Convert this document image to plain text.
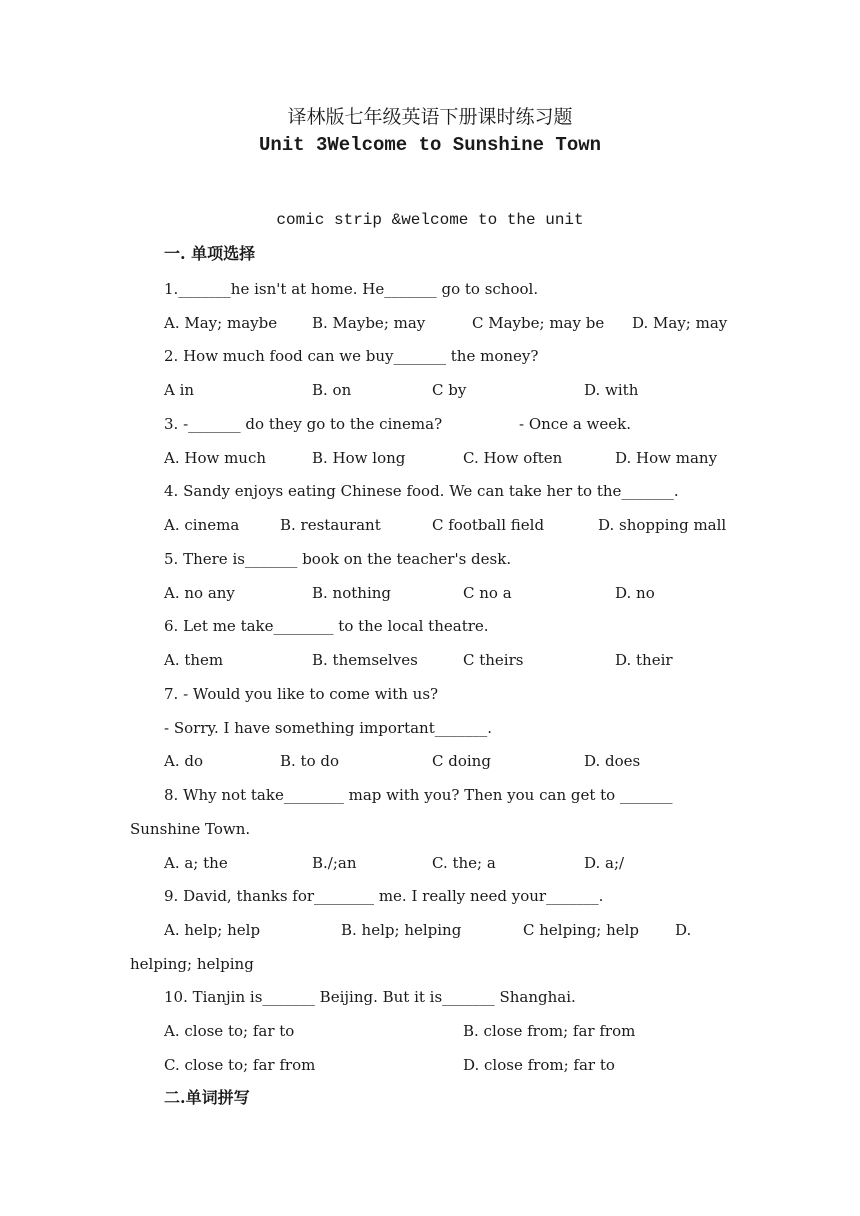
译林版七年级英语下册课时练习题
Unit 3Welcome to Sunshine Town
comic strip &welcome to the unit
一. 单项选择
1._______he isn't at home. He_______ go to school.
A. May; maybe B. Maybe; may	C Maybe; may be D. May; may
2. How much food can we buy_______ the money?
A in	B. on	C by	D. with
3. -_______ do they go to the cinema?	- Once a week.
A. How much	B. How long	C. How often	D. How many
4. Sandy enjoys eating Chinese food. We can take her to the_______.
A. cinema	B. restaurant	C football field	D. shopping mall
5. There is_______ book on the teacher's desk.
A. no any	B. nothing	C no a	D. no
6. Let me take________ to the local theatre.
A. them	B. themselves	C theirs	D. their
7. - Would you like to come with us?
- Sorry. I have something important_______.
A. do	B. to do	C doing	D. does
8. Why not take________ map with you? Then you can get to _______
Sunshine Town.
A. a; the	B./;an	C. the; a	D. a;/
9. David, thanks for________ me. I really need your_______.
A. help; help	B. help; helping	C helping; help D.
helping; helping
10. Tianjin is_______ Beijing. But it is_______ Shanghai.
A. close to; far to	B. close from; far from
C. close to; far from	D. close from; far to
二.单词拼写
